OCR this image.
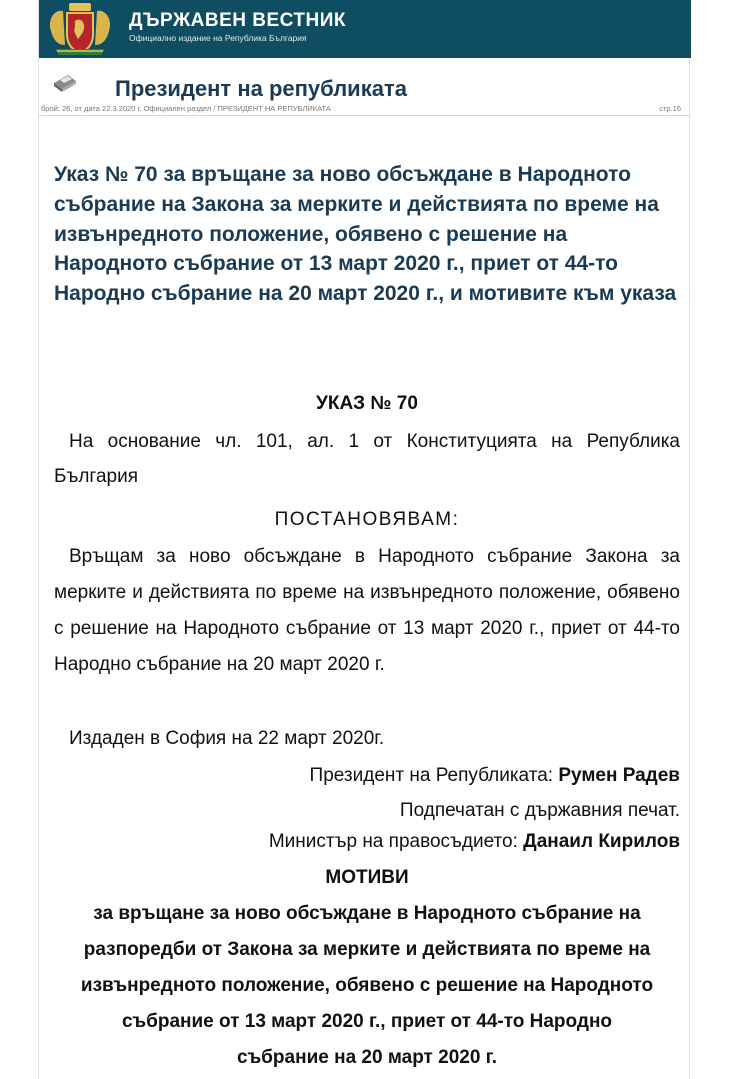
ДЪРЖАВЕН ВЕСТНИК
Официално издание на Република България
Президент на републиката
брой: 26, от дата 22.3.2020 г. Официален раздел / ПРЕЗИДЕНТ НА РЕПУБЛИКАТА	стр.16
Указ № 70 за връщане за ново обсъждане в Народното събрание на Закона за мерките и действията по време на извънредното положение, обявено с решение на Народното събрание от 13 март 2020 г., приет от 44-то Народно събрание на 20 март 2020 г., и мотивите към указа
УКАЗ № 70
На основание чл. 101, ал. 1 от Конституцията на Република България
ПОСТАНОВЯВАМ:
Връщам за ново обсъждане в Народното събрание Закона за мерките и действията по време на извънредното положение, обявено с решение на Народното събрание от 13 март 2020 г., приет от 44-то Народно събрание на 20 март 2020 г.
Издаден в София на 22 март 2020г.
Президент на Републиката: Румен Радев
Подпечатан с държавния печат.
Министър на правосъдието: Данаил Кирилов
МОТИВИ
за връщане за ново обсъждане в Народното събрание на разпоредби от Закона за мерките и действията по време на извънредното положение, обявено с решение на Народното събрание от 13 март 2020 г., приет от 44-то Народно събрание на 20 март 2020 г.
